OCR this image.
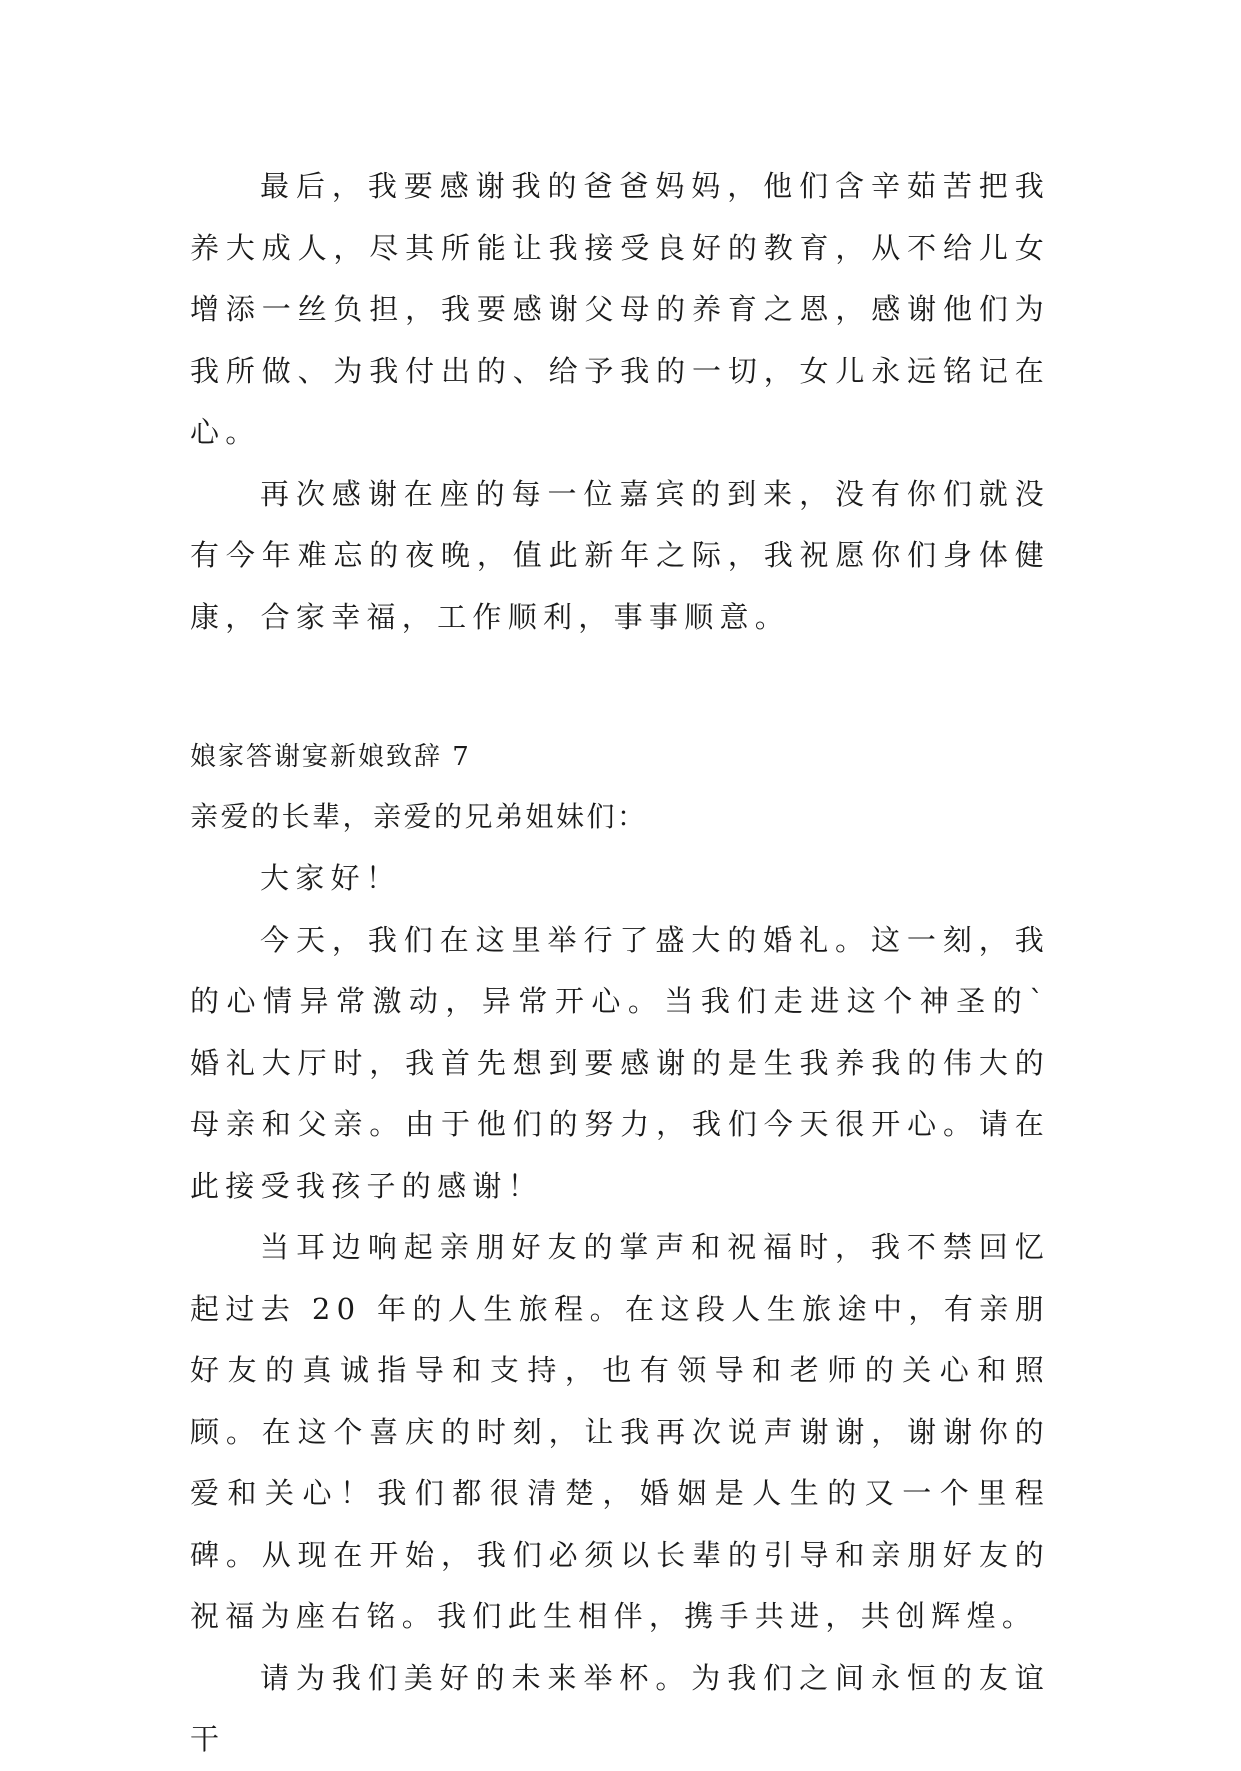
最后，我要感谢我的爸爸妈妈，他们含辛茹苦把我养大成人，尽其所能让我接受良好的教育，从不给儿女增添一丝负担，我要感谢父母的养育之恩，感谢他们为我所做、为我付出的、给予我的一切，女儿永远铭记在心。

再次感谢在座的每一位嘉宾的到来，没有你们就没有今年难忘的夜晚，值此新年之际，我祝愿你们身体健康，合家幸福，工作顺利，事事顺意。

娘家答谢宴新娘致辞 7

亲爱的长辈，亲爱的兄弟姐妹们：

大家好！

今天，我们在这里举行了盛大的婚礼。这一刻，我的心情异常激动，异常开心。当我们走进这个神圣的`婚礼大厅时，我首先想到要感谢的是生我养我的伟大的母亲和父亲。由于他们的努力，我们今天很开心。请在此接受我孩子的感谢！

当耳边响起亲朋好友的掌声和祝福时，我不禁回忆起过去 20 年的人生旅程。在这段人生旅途中，有亲朋好友的真诚指导和支持，也有领导和老师的关心和照顾。在这个喜庆的时刻，让我再次说声谢谢，谢谢你的爱和关心！我们都很清楚，婚姻是人生的又一个里程碑。从现在开始，我们必须以长辈的引导和亲朋好友的祝福为座右铭。我们此生相伴，携手共进，共创辉煌。

请为我们美好的未来举杯。为我们之间永恒的友谊干
